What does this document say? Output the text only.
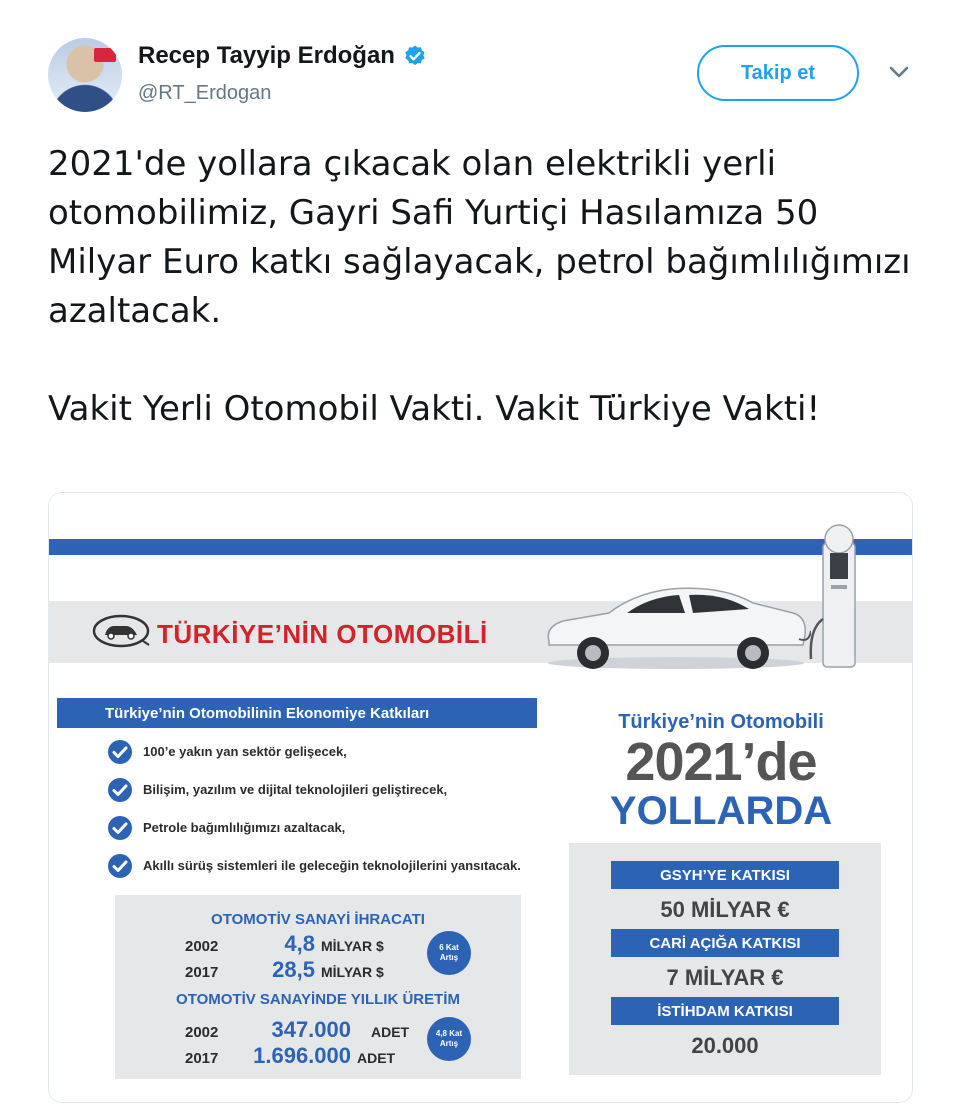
Recep Tayyip Erdoğan
@RT_Erdogan
Takip et

2021'de yollara çıkacak olan elektrikli yerli otomobilimiz, Gayri Safi Yurtiçi Hasılamıza 50 Milyar Euro katkı sağlayacak, petrol bağımlılığımızı azaltacak.

Vakit Yerli Otomobil Vakti. Vakit Türkiye Vakti!

TÜRKİYE’NİN OTOMOBİLİ
Türkiye’nin Otomobilinin Ekonomiye Katkıları
100’e yakın yan sektör gelişecek,
Bilişim, yazılım ve dijital teknolojileri geliştirecek,
Petrole bağımlılığımızı azaltacak,
Akıllı sürüş sistemleri ile geleceğin teknolojilerini yansıtacak.
OTOMOTİV SANAYİ İHRACATI
2002	4,8 MİLYAR $
2017	28,5 MİLYAR $
6 Kat Artış
OTOMOTİV SANAYİNDE YILLIK ÜRETİM
2002	347.000 ADET
2017	1.696.000 ADET
4,8 Kat Artış
Türkiye’nin Otomobili
2021’de
YOLLARDA
GSYH’YE KATKISI
50 MİLYAR €
CARİ AÇIĞA KATKISI
7 MİLYAR €
İSTİHDAM KATKISI
20.000
